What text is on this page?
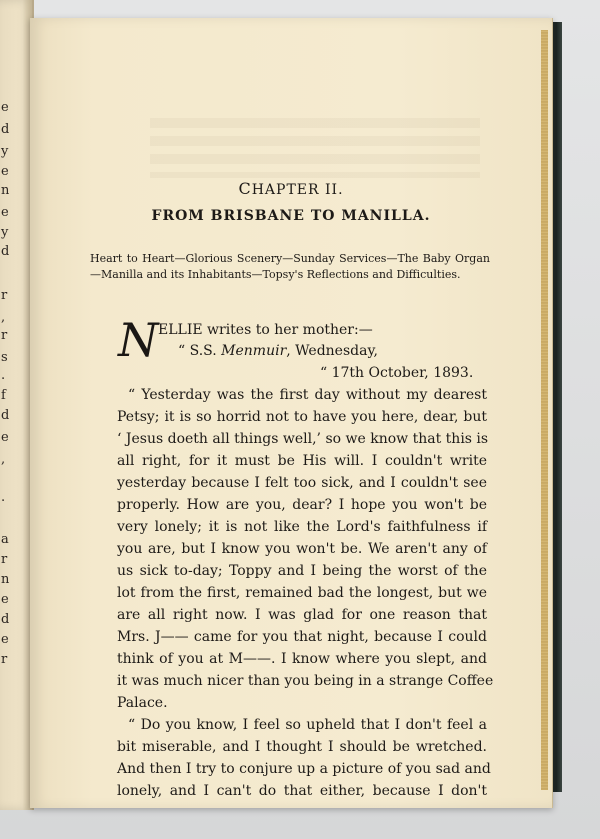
e
d
y
e
n
e
y
d
r
,
r
s
.
f
d
e
,
.
a
r
n
e
d
e
r
CHAPTER II.
FROM BRISBANE TO MANILLA.
Heart to Heart—Glorious Scenery—Sunday Services—The Baby Organ—Manilla and its Inhabitants—Topsy's Reflections and Difficulties.
N ELLIE writes to her mother:—
“ S.S. Menmuir, Wednesday,
“ 17th October, 1893.
“ Yesterday was the first day without my dearest
Petsy; it is so horrid not to have you here, dear, but
‘ Jesus doeth all things well,’ so we know that this is
all right, for it must be His will. I couldn't write
yesterday because I felt too sick, and I couldn't see
properly. How are you, dear? I hope you won't be
very lonely; it is not like the Lord's faithfulness if
you are, but I know you won't be. We aren't any of
us sick to-day; Toppy and I being the worst of the
lot from the first, remained bad the longest, but we
are all right now. I was glad for one reason that
Mrs. J—— came for you that night, because I could
think of you at M——. I know where you slept, and
it was much nicer than you being in a strange Coffee
Palace.
“ Do you know, I feel so upheld that I don't feel a
bit miserable, and I thought I should be wretched.
And then I try to conjure up a picture of you sad and
lonely, and I can't do that either, because I don't
